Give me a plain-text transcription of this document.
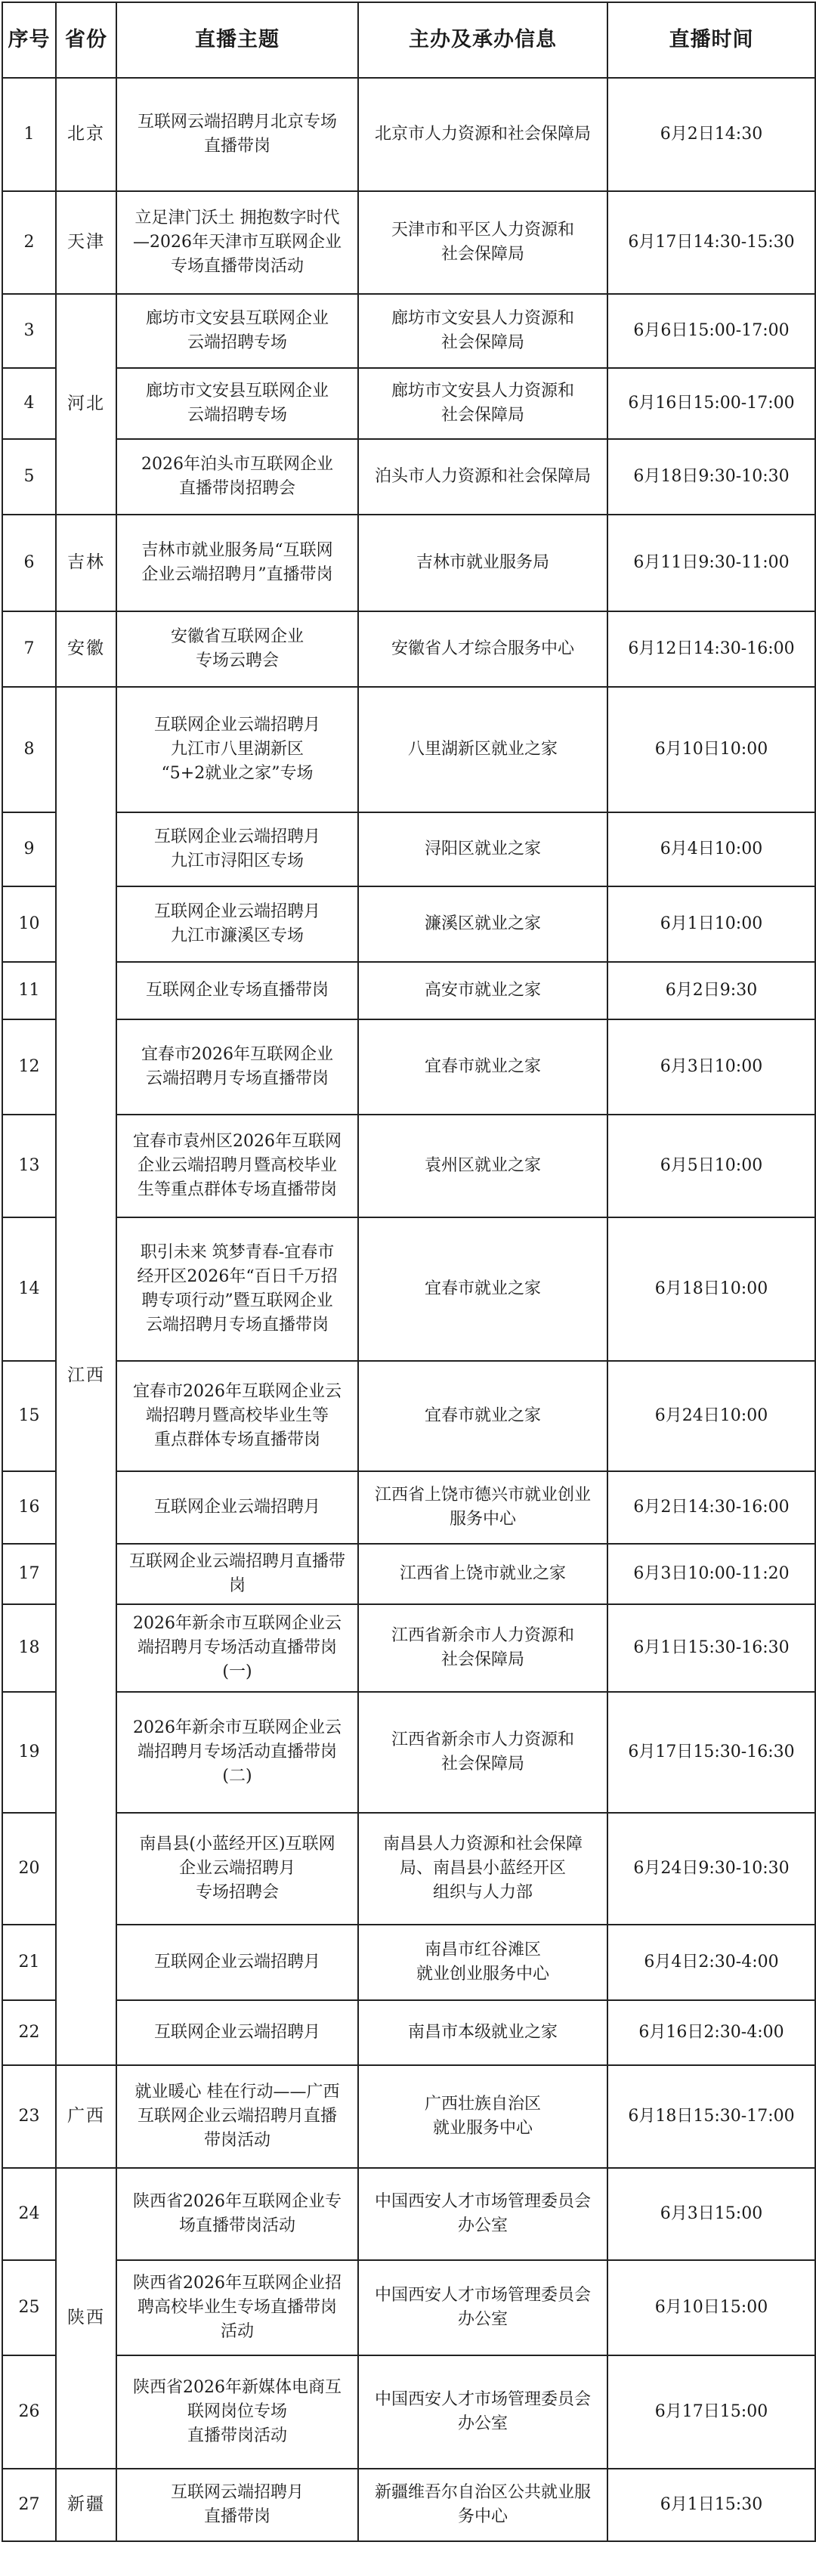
序号	省份	直播主题	主办及承办信息	直播时间
1	北京	互联网云端招聘月北京专场
直播带岗	北京市人力资源和社会保障局	6月2日14:30
2	天津	立足津门沃土 拥抱数字时代
—2026年天津市互联网企业
专场直播带岗活动	天津市和平区人力资源和
社会保障局	6月17日14:30-15:30
3	河北	廊坊市文安县互联网企业
云端招聘专场	廊坊市文安县人力资源和
社会保障局	6月6日15:00-17:00
4		廊坊市文安县互联网企业
云端招聘专场	廊坊市文安县人力资源和
社会保障局	6月16日15:00-17:00
5		2026年泊头市互联网企业
直播带岗招聘会	泊头市人力资源和社会保障局	6月18日9:30-10:30
6	吉林	吉林市就业服务局“互联网
企业云端招聘月”直播带岗	吉林市就业服务局	6月11日9:30-11:00
7	安徽	安徽省互联网企业
专场云聘会	安徽省人才综合服务中心	6月12日14:30-16:00
8	江西	互联网企业云端招聘月
九江市八里湖新区
“5+2就业之家”专场	八里湖新区就业之家	6月10日10:00
9		互联网企业云端招聘月
九江市浔阳区专场	浔阳区就业之家	6月4日10:00
10		互联网企业云端招聘月
九江市濂溪区专场	濂溪区就业之家	6月1日10:00
11		互联网企业专场直播带岗	高安市就业之家	6月2日9:30
12		宜春市2026年互联网企业
云端招聘月专场直播带岗	宜春市就业之家	6月3日10:00
13		宜春市袁州区2026年互联网
企业云端招聘月暨高校毕业
生等重点群体专场直播带岗	袁州区就业之家	6月5日10:00
14		职引未来 筑梦青春-宜春市
经开区2026年“百日千万招
聘专项行动”暨互联网企业
云端招聘月专场直播带岗	宜春市就业之家	6月18日10:00
15		宜春市2026年互联网企业云
端招聘月暨高校毕业生等
重点群体专场直播带岗	宜春市就业之家	6月24日10:00
16		互联网企业云端招聘月	江西省上饶市德兴市就业创业
服务中心	6月2日14:30-16:00
17		互联网企业云端招聘月直播带岗	江西省上饶市就业之家	6月3日10:00-11:20
18		2026年新余市互联网企业云
端招聘月专场活动直播带岗
(一)	江西省新余市人力资源和
社会保障局	6月1日15:30-16:30
19		2026年新余市互联网企业云
端招聘月专场活动直播带岗
(二)	江西省新余市人力资源和
社会保障局	6月17日15:30-16:30
20		南昌县(小蓝经开区)互联网
企业云端招聘月
专场招聘会	南昌县人力资源和社会保障
局、南昌县小蓝经开区
组织与人力部	6月24日9:30-10:30
21		互联网企业云端招聘月	南昌市红谷滩区
就业创业服务中心	6月4日2:30-4:00
22		互联网企业云端招聘月	南昌市本级就业之家	6月16日2:30-4:00
23	广西	就业暖心 桂在行动——广西
互联网企业云端招聘月直播
带岗活动	广西壮族自治区
就业服务中心	6月18日15:30-17:00
24	陕西	陕西省2026年互联网企业专
场直播带岗活动	中国西安人才市场管理委员会
办公室	6月3日15:00
25		陕西省2026年互联网企业招
聘高校毕业生专场直播带岗
活动	中国西安人才市场管理委员会
办公室	6月10日15:00
26		陕西省2026年新媒体电商互
联网岗位专场
直播带岗活动	中国西安人才市场管理委员会
办公室	6月17日15:00
27	新疆	互联网云端招聘月
直播带岗	新疆维吾尔自治区公共就业服
务中心	6月1日15:30
